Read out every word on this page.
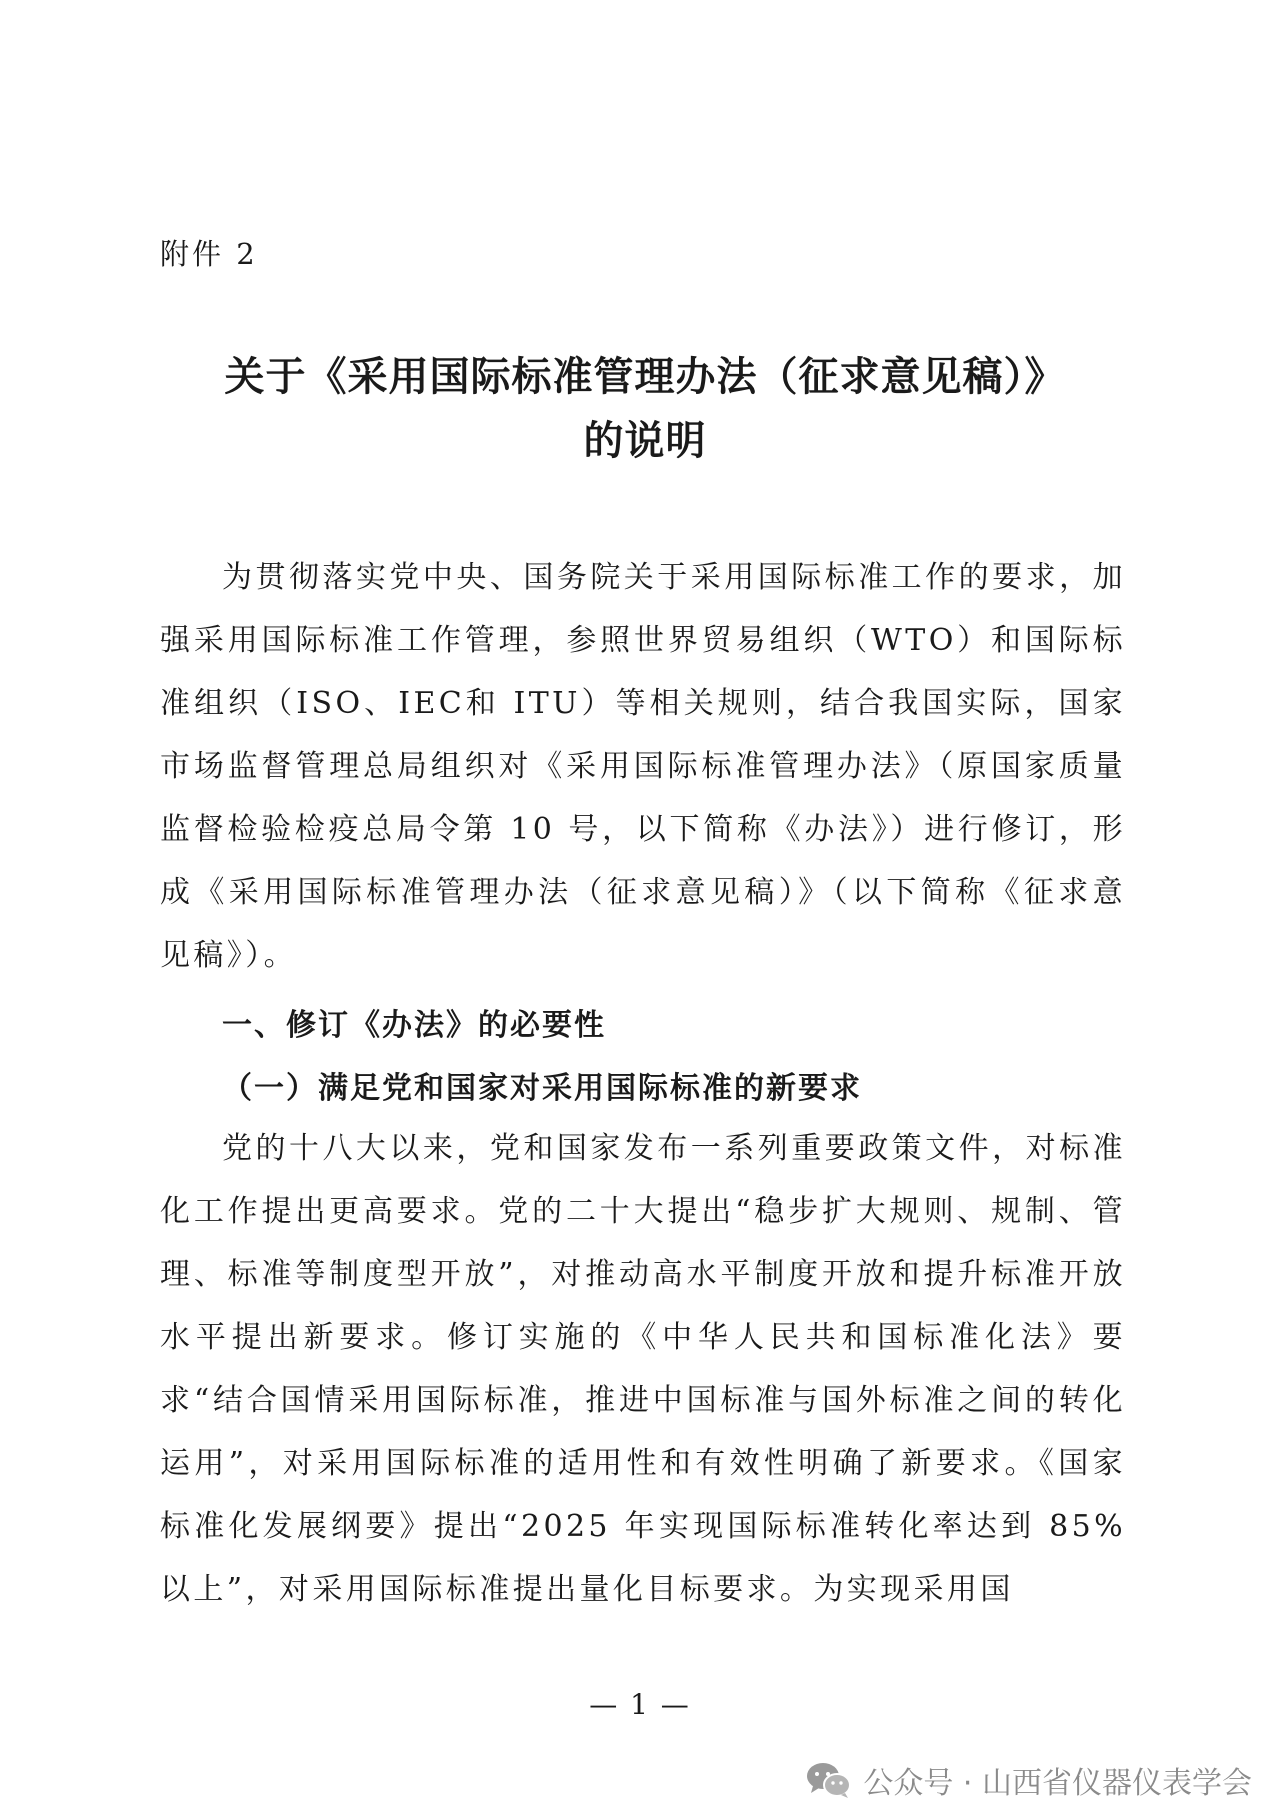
附件 2
关于《采用国际标准管理办法（征求意见稿）》
的说明

为贯彻落实党中央、国务院关于采用国际标准工作的要求，加强采用国际标准工作管理，参照世界贸易组织（WTO）和国际标准组织（ISO、IEC和 ITU）等相关规则，结合我国实际，国家市场监督管理总局组织对《采用国际标准管理办法》（原国家质量监督检验检疫总局令第 10 号，以下简称《办法》）进行修订，形成《采用国际标准管理办法（征求意见稿）》（以下简称《征求意见稿》）。

一、修订《办法》的必要性
（一）满足党和国家对采用国际标准的新要求

党的十八大以来，党和国家发布一系列重要政策文件，对标准化工作提出更高要求。党的二十大提出“稳步扩大规则、规制、管理、标准等制度型开放”，对推动高水平制度开放和提升标准开放水平提出新要求。修订实施的《中华人民共和国标准化法》要求“结合国情采用国际标准，推进中国标准与国外标准之间的转化运用”，对采用国际标准的适用性和有效性明确了新要求。《国家标准化发展纲要》提出“2025 年实现国际标准转化率达到 85%以上”，对采用国际标准提出量化目标要求。为实现采用国

— 1 —
公众号 · 山西省仪器仪表学会
